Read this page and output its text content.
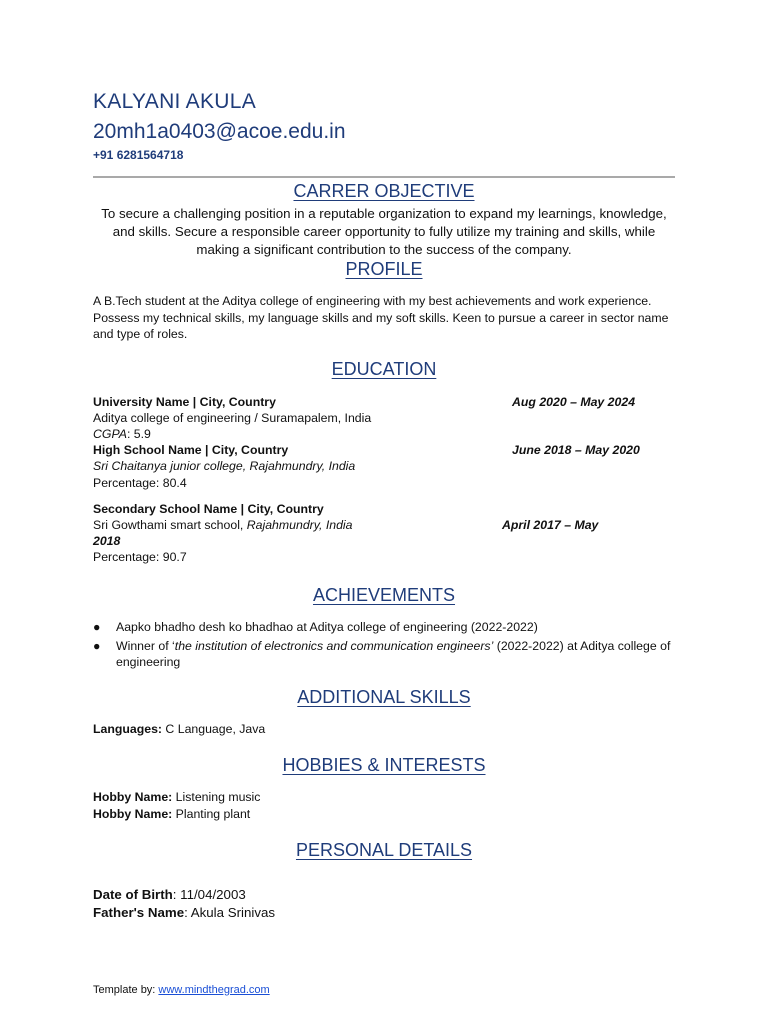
KALYANI AKULA
20mh1a0403@acoe.edu.in
+91 6281564718
CARRER OBJECTIVE
To secure a challenging position in a reputable organization to expand my learnings, knowledge, and skills. Secure a responsible career opportunity to fully utilize my training and skills, while making a significant contribution to the success of the company.
PROFILE
A B.Tech student at the Aditya college of engineering with my best achievements and work experience. Possess my technical skills, my language skills and my soft skills. Keen to pursue a career in sector name and type of roles.
EDUCATION
University Name | City, Country	Aug 2020 – May 2024
Aditya college of engineering / Suramapalem, India
CGPA: 5.9
High School Name | City, Country	June 2018 – May 2020
Sri Chaitanya junior college, Rajahmundry, India
Percentage: 80.4
Secondary School Name | City, Country
Sri Gowthami smart school, Rajahmundry, India	April 2017 – May
2018
Percentage: 90.7
ACHIEVEMENTS
● Aapko bhadho desh ko bhadhao at Aditya college of engineering (2022-2022)
● Winner of ‘the institution of electronics and communication engineers’ (2022-2022) at Aditya college of engineering
ADDITIONAL SKILLS
Languages: C Language, Java
HOBBIES & INTERESTS
Hobby Name: Listening music
Hobby Name: Planting plant
PERSONAL DETAILS
Date of Birth: 11/04/2003
Father's Name: Akula Srinivas
Template by: www.mindthegrad.com
